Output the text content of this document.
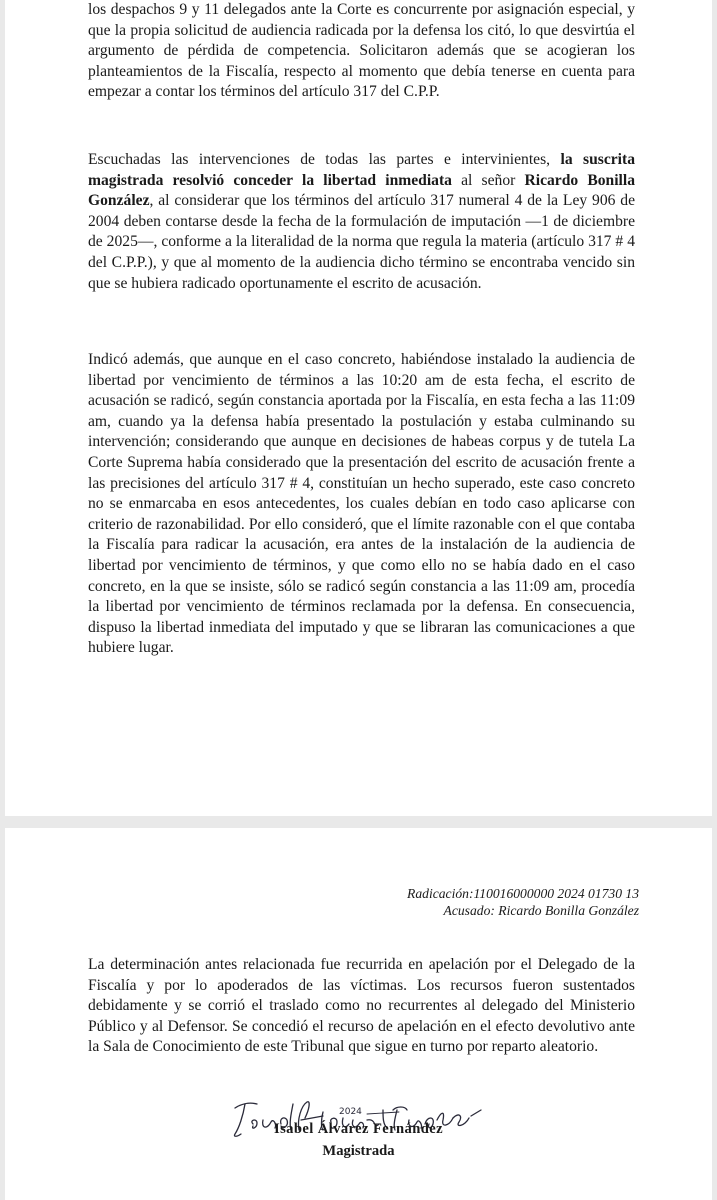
los despachos 9 y 11 delegados ante la Corte es concurrente por asignación especial, y que la propia solicitud de audiencia radicada por la defensa los citó, lo que desvirtúa el argumento de pérdida de competencia. Solicitaron además que se acogieran los planteamientos de la Fiscalía, respecto al momento que debía tenerse en cuenta para empezar a contar los términos del artículo 317 del C.P.P.

Escuchadas las intervenciones de todas las partes e intervinientes, la suscrita magistrada resolvió conceder la libertad inmediata al señor Ricardo Bonilla González, al considerar que los términos del artículo 317 numeral 4 de la Ley 906 de 2004 deben contarse desde la fecha de la formulación de imputación —1 de diciembre de 2025—, conforme a la literalidad de la norma que regula la materia (artículo 317 # 4 del C.P.P.), y que al momento de la audiencia dicho término se encontraba vencido sin que se hubiera radicado oportunamente el escrito de acusación.

Indicó además, que aunque en el caso concreto, habiéndose instalado la audiencia de libertad por vencimiento de términos a las 10:20 am de esta fecha, el escrito de acusación se radicó, según constancia aportada por la Fiscalía, en esta fecha a las 11:09 am, cuando ya la defensa había presentado la postulación y estaba culminando su intervención; considerando que aunque en decisiones de habeas corpus y de tutela La Corte Suprema había considerado que la presentación del escrito de acusación frente a las precisiones del artículo 317 # 4, constituían un hecho superado, este caso concreto no se enmarcaba en esos antecedentes, los cuales debían en todo caso aplicarse con criterio de razonabilidad. Por ello consideró, que el límite razonable con el que contaba la Fiscalía para radicar la acusación, era antes de la instalación de la audiencia de libertad por vencimiento de términos, y que como ello no se había dado en el caso concreto, en la que se insiste, sólo se radicó según constancia a las 11:09 am, procedía la libertad por vencimiento de términos reclamada por la defensa. En consecuencia, dispuso la libertad inmediata del imputado y que se libraran las comunicaciones a que hubiere lugar.

Radicación:110016000000 2024 01730 13
Acusado: Ricardo Bonilla González

La determinación antes relacionada fue recurrida en apelación por el Delegado de la Fiscalía y por lo apoderados de las víctimas. Los recursos fueron sustentados debidamente y se corrió el traslado como no recurrentes al delegado del Ministerio Público y al Defensor. Se concedió el recurso de apelación en el efecto devolutivo ante la Sala de Conocimiento de este Tribunal que sigue en turno por reparto aleatorio.

2024
Isabel Álvarez Fernández
Magistrada
